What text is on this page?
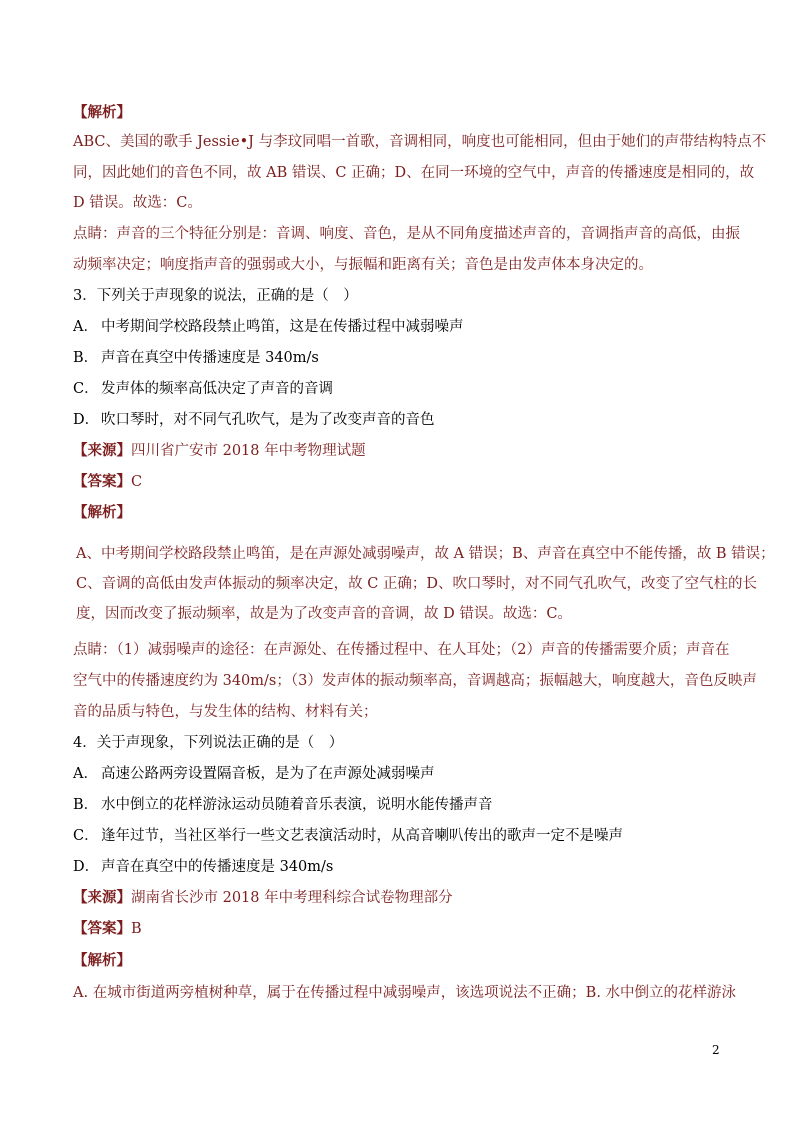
【解析】
ABC、美国的歌手 Jessie•J 与李玟同唱一首歌，音调相同，响度也可能相同，但由于她们的声带结构特点不
同，因此她们的音色不同，故 AB 错误、C 正确；D、在同一环境的空气中，声音的传播速度是相同的，故
D 错误。故选：C。
点睛：声音的三个特征分别是：音调、响度、音色，是从不同角度描述声音的，音调指声音的高低，由振
动频率决定；响度指声音的强弱或大小，与振幅和距离有关；音色是由发声体本身决定的。
3．下列关于声现象的说法，正确的是（　）
A． 中考期间学校路段禁止鸣笛，这是在传播过程中减弱噪声
B． 声音在真空中传播速度是 340m/s
C． 发声体的频率高低决定了声音的音调
D． 吹口琴时，对不同气孔吹气，是为了改变声音的音色
【来源】四川省广安市 2018 年中考物理试题
【答案】C
【解析】
A、中考期间学校路段禁止鸣笛，是在声源处减弱噪声，故 A 错误；B、声音在真空中不能传播，故 B 错误；
C、音调的高低由发声体振动的频率决定，故 C 正确；D、吹口琴时，对不同气孔吹气，改变了空气柱的长
度，因而改变了振动频率，故是为了改变声音的音调，故 D 错误。故选：C。
点睛：（1）减弱噪声的途径：在声源处、在传播过程中、在人耳处；（2）声音的传播需要介质；声音在
空气中的传播速度约为 340m/s；（3）发声体的振动频率高，音调越高；振幅越大，响度越大，音色反映声
音的品质与特色，与发生体的结构、材料有关；
4．关于声现象，下列说法正确的是（　）
A． 高速公路两旁设置隔音板，是为了在声源处减弱噪声
B． 水中倒立的花样游泳运动员随着音乐表演，说明水能传播声音
C． 逢年过节，当社区举行一些文艺表演活动时，从高音喇叭传出的歌声一定不是噪声
D． 声音在真空中的传播速度是 340m/s
【来源】湖南省长沙市 2018 年中考理科综合试卷物理部分
【答案】B
【解析】
A. 在城市街道两旁植树种草，属于在传播过程中减弱噪声，该选项说法不正确；B. 水中倒立的花样游泳
2
